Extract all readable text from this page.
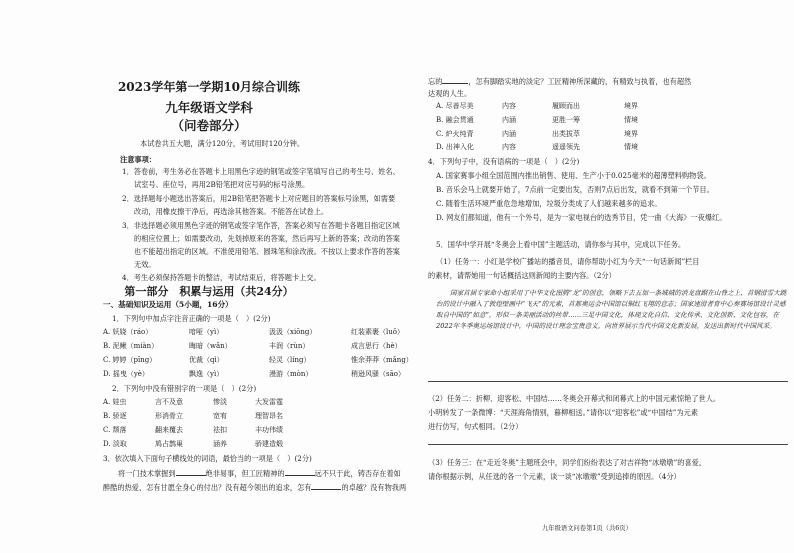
2023学年第一学期10月综合训练
九年级语文学科
（问卷部分）
本试卷共五大题，满分120分，考试用时120分钟。
注意事项：
1．答卷前，考生务必在答题卡上用黑色字迹的钢笔或签字笔填写自己的考生号、姓名、
试室号、座位号，再用2B铅笔把对应号码的标号涂黑。
2．选择题每小题选出答案后，用2B铅笔把答题卡上对应题目的答案标号涂黑，如需要
改动，用橡皮擦干净后，再选涂其他答案。不能答在试卷上。
3．非选择题必须用黑色字迹的钢笔或签字笔作答，答案必须写在答题卡各题目指定区域
的相应位置上；如需要改动，先划掉原来的答案，然后再写上新的答案；改动的答案
也不能超出指定的区域。不准使用铅笔、圆珠笔和涂改液。不按以上要求作答的答案
无效。
4．考生必须保持答题卡的整洁，考试结束后，将答题卡上交。
第一部分　积累与运用（共24分）
一、基础知识及运用（5小题，16分）
1．下列句中加点字注音正确的一项是（　）(2分)
A. 妖娆（ráo）	喑哑（yì）	汲汲（xiōng）	红装素裹（luǒ）
B. 泥鳅（miàn）	晦暗（wǎn）	丰润（rùn）	成言思行（hè）
C. 婷婷（pīng）	优裁（qì）	轻灵（líng）	惟余莽莽（mǎng）
D. 摇曳（yè）	飘逸（yì）	漫游（mòn）	稍逊风骚（sāo）
2．下列句中没有错别字的一项是（　）(2分)
A. 娃虫	言不及意	惨淡	大发雷霆
B. 骄逐	形消骨立	宽宥	理智昂名
C. 颓落	翻来覆去	祛扣	丰功伟绩
D. 淡取	鸠占鹊巢	涵养	骄建造煅
3．依次填入下面句子横线处的词语，最恰当的一项是（　）(2分)
将一门技术掌握到	绝非易事，但工匠精神的	远不只于此，铸否存在着如
醉酷的热爱，怎有甘愿全身心的付出？没有超今领出的追求，怎有	的卓越？没有物我两
忘的	，怎有脚踏实地的淡定？工匠精神所深藏的，有精致与执着，也有超然
达观的人生。
A. 尽善尽美	内容	履顾而出	境界
B. 融会贯通	内涵	更胜一筹	情境
C. 炉火纯青	内涵	出类拔萃	境界
D. 出神入化	内容	遥遥领先	情境
4．下列句子中，没有语病的一项是（　）(2分)
A. 国家赛事小组全国范围内推出销售、使用、生产小于0.025毫米的超薄塑料购物袋。
B. 音乐会马上就要开始了，7点前一定要出发，否则7点后出发，就看不到第一个节目。
C. 随着生活环境严重危急地增加，垃圾分类成了人们越来越多的追求。
D. 网友们都知道，他有一个外号，是为一家电视台的选秀节目，凭一曲《大海》一夜爆红。
5．国华中学开展“冬奥会上看中国”主题活动，请你参与其中，完成以下任务。
（1）任务一：小红是学校广播站的播音员，请你帮助小红为今天“一句话新闻”栏目
的素材，请帮她用一句话概括这则新闻的主要内容。（2分）
国家首届专家命小组采用了中华文化图腾“龙”的创意，领略下去五加一条城城的消龙盘踞在山脊之上，首钢滑雪大跳台的设计中融入了敦煌壁画中“飞天”的元素，首都奥运会中国馆以铜红飞翔的意志；国家速滑者育中心奏赛场馆设计灵感取自中国的“如意”，形似一条美丽活动的丝带……三足中国文化，体现文化自信、文化传承、文化创新、文化包容，在2022年冬季奥运场馆设计中，中国的设计理念宝贵意义，向世界展示当代中国文化新发展，发送出新时代中国风采。
（2）任务二：折柳、迎客松、中国结……冬奥会开幕式和闭幕式上的中国元素惊艳了世人。
小明转发了一条微博：“天涯海角情别，暮柳相送。”请你以“迎客松”或“中国结”为元素
进行仿写，句式相同。（2分）
（3）任务三：在“走近冬奥”主题班会中，同学们纷纷表达了对吉祥物“冰墩墩”的喜爱，
请你根据示例，从任选的各一个元素，谈一谈“冰墩墩”受到追捧的原因。（4分）
九年级语文问卷第1页（共6页）
